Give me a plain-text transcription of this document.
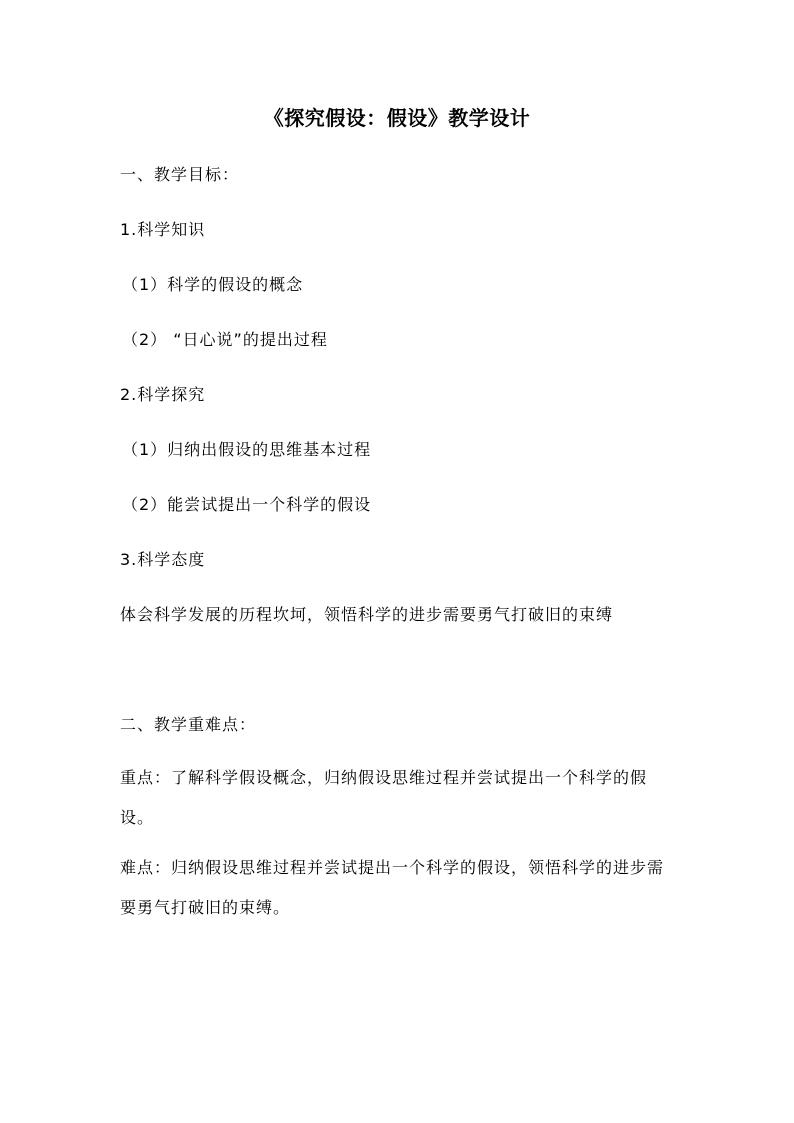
《探究假设：假设》教学设计
一、教学目标：
1.科学知识
（1）科学的假设的概念
（2） “日心说”的提出过程
2.科学探究
（1）归纳出假设的思维基本过程
（2）能尝试提出一个科学的假设
3.科学态度
体会科学发展的历程坎坷，领悟科学的进步需要勇气打破旧的束缚
二、教学重难点：
重点：了解科学假设概念，归纳假设思维过程并尝试提出一个科学的假设。
难点：归纳假设思维过程并尝试提出一个科学的假设，领悟科学的进步需要勇气打破旧的束缚。
